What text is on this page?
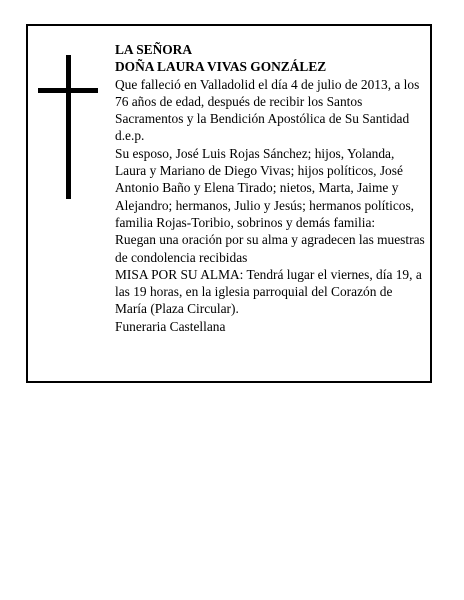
LA SEÑORA

DOÑA LAURA VIVAS GONZÁLEZ

Que falleció en Valladolid el día 4 de julio de 2013, a los 76 años de edad, después de recibir los Santos Sacramentos y la Bendición Apostólica de Su Santidad

d.e.p.

Su esposo, José Luis Rojas Sánchez; hijos, Yolanda, Laura y Mariano de Diego Vivas; hijos políticos, José Antonio Baño y Elena Tirado; nietos, Marta, Jaime y Alejandro; hermanos, Julio y Jesús; hermanos políticos, familia Rojas-Toribio, sobrinos y demás familia:

Ruegan una oración por su alma y agradecen las muestras de condolencia recibidas

MISA POR SU ALMA: Tendrá lugar el viernes, día 19, a las 19 horas, en la iglesia parroquial del Corazón de María (Plaza Circular).

Funeraria Castellana
